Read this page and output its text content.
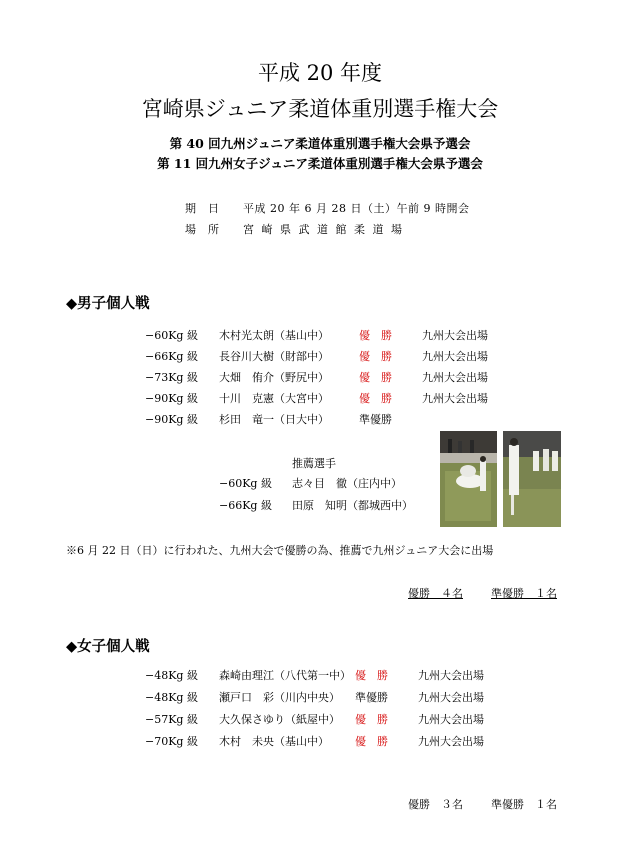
平成 20 年度
宮崎県ジュニア柔道体重別選手権大会
第 40 回九州ジュニア柔道体重別選手権大会県予選会
第 11 回九州女子ジュニア柔道体重別選手権大会県予選会
期　日 平成 20 年 6 月 28 日（土）午前 9 時開会
場　所 宮 崎 県 武 道 館 柔 道 場
◆男子個人戦
−60Kg 級 木村光太朗（基山中）	優　勝	九州大会出場
−66Kg 級 長谷川大樹（財部中）	優　勝	九州大会出場
−73Kg 級 大畑　侑介（野尻中）	優　勝	九州大会出場
−90Kg 級 十川　克憲（大宮中）	優　勝	九州大会出場
−90Kg 級 杉田　竜一（日大中）	準優勝
推薦選手
−60Kg 級 志々目　徹（庄内中）
−66Kg 級 田原　知明（都城西中）
※6 月 22 日（日）に行われた、九州大会で優勝の為、推薦で九州ジュニア大会に出場
優勝　４名	準優勝　１名
◆女子個人戦
−48Kg 級 森崎由理江（八代第一中） 優　勝	九州大会出場
−48Kg 級 瀬戸口　彩（川内中央） 準優勝	九州大会出場
−57Kg 級 大久保さゆり（紙屋中） 優　勝	九州大会出場
−70Kg 級 木村　未央（基山中） 優　勝	九州大会出場
優勝　３名	準優勝　１名
